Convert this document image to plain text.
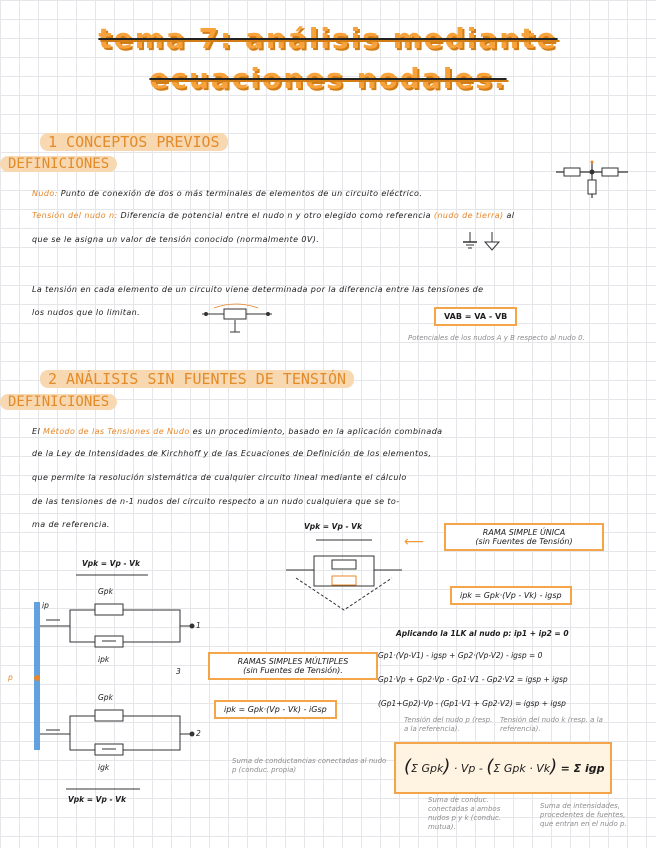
tema 7: análisis mediante
ecuaciones nodales.
1 CONCEPTOS PREVIOS
DEFINICIONES
Nudo: Punto de conexión de dos o más terminales de elementos de un circuito eléctrico.
Tensión del nudo n: Diferencia de potencial entre el nudo n y otro elegido como referencia (nudo de tierra) al
que se le asigna un valor de tensión conocido (normalmente 0V).
La tensión en cada elemento de un circuito viene determinada por la diferencia entre las tensiones de
los nudos que lo limitan.	VAB = VA - VB
Potenciales de los nudos A y B respecto al nudo 0.
2 ANÁLISIS SIN FUENTES DE TENSIÓN
DEFINICIONES
El Método de las Tensiones de Nudo es un procedimiento, basado en la aplicación combinada
de la Ley de Intensidades de Kirchhoff y de las Ecuaciones de Definición de los elementos,
que permite la resolución sistemática de cualquier circuito lineal mediante el cálculo
de las tensiones de n-1 nudos del circuito respecto a un nudo cualquiera que se to-
ma de referencia.	Vpk = Vp - Vk
⟵
RAMA SIMPLE ÚNICA
(sin Fuentes de Tensión)
ipk = Gpk·(Vp - Vk) - igsp
Vpk = Vp - Vk
ip
Gpk
ipk
Gpk
igk
p
1
2
3
Vpk = Vp - Vk
RAMAS SIMPLES MÚLTIPLES
(sin Fuentes de Tensión).
ipk = Gpk·(Vp - Vk) - iGsp
Aplicando la 1LK al nudo p: ip1 + ip2 = 0
Gp1·(Vp-V1) - igsp + Gp2·(Vp-V2) - igsp = 0
Gp1·Vp + Gp2·Vp - Gp1·V1 - Gp2·V2 = igsp + igsp
(Gp1+Gp2)·Vp - (Gp1·V1 + Gp2·V2) = igsp + igsp
Tensión del nudo p (resp. a la referencia).
Tensión del nudo k (resp. a la referencia).
Suma de conductancias conectadas al nudo p (conduc. propia)	(Σ Gpk) · Vp - (Σ Gpk · Vk) = Σ igp
Suma de conduc. conectadas a ambos nudos p y k (conduc. mutua).
Suma de intensidades, procedentes de fuentes, que entran en el nudo p.
